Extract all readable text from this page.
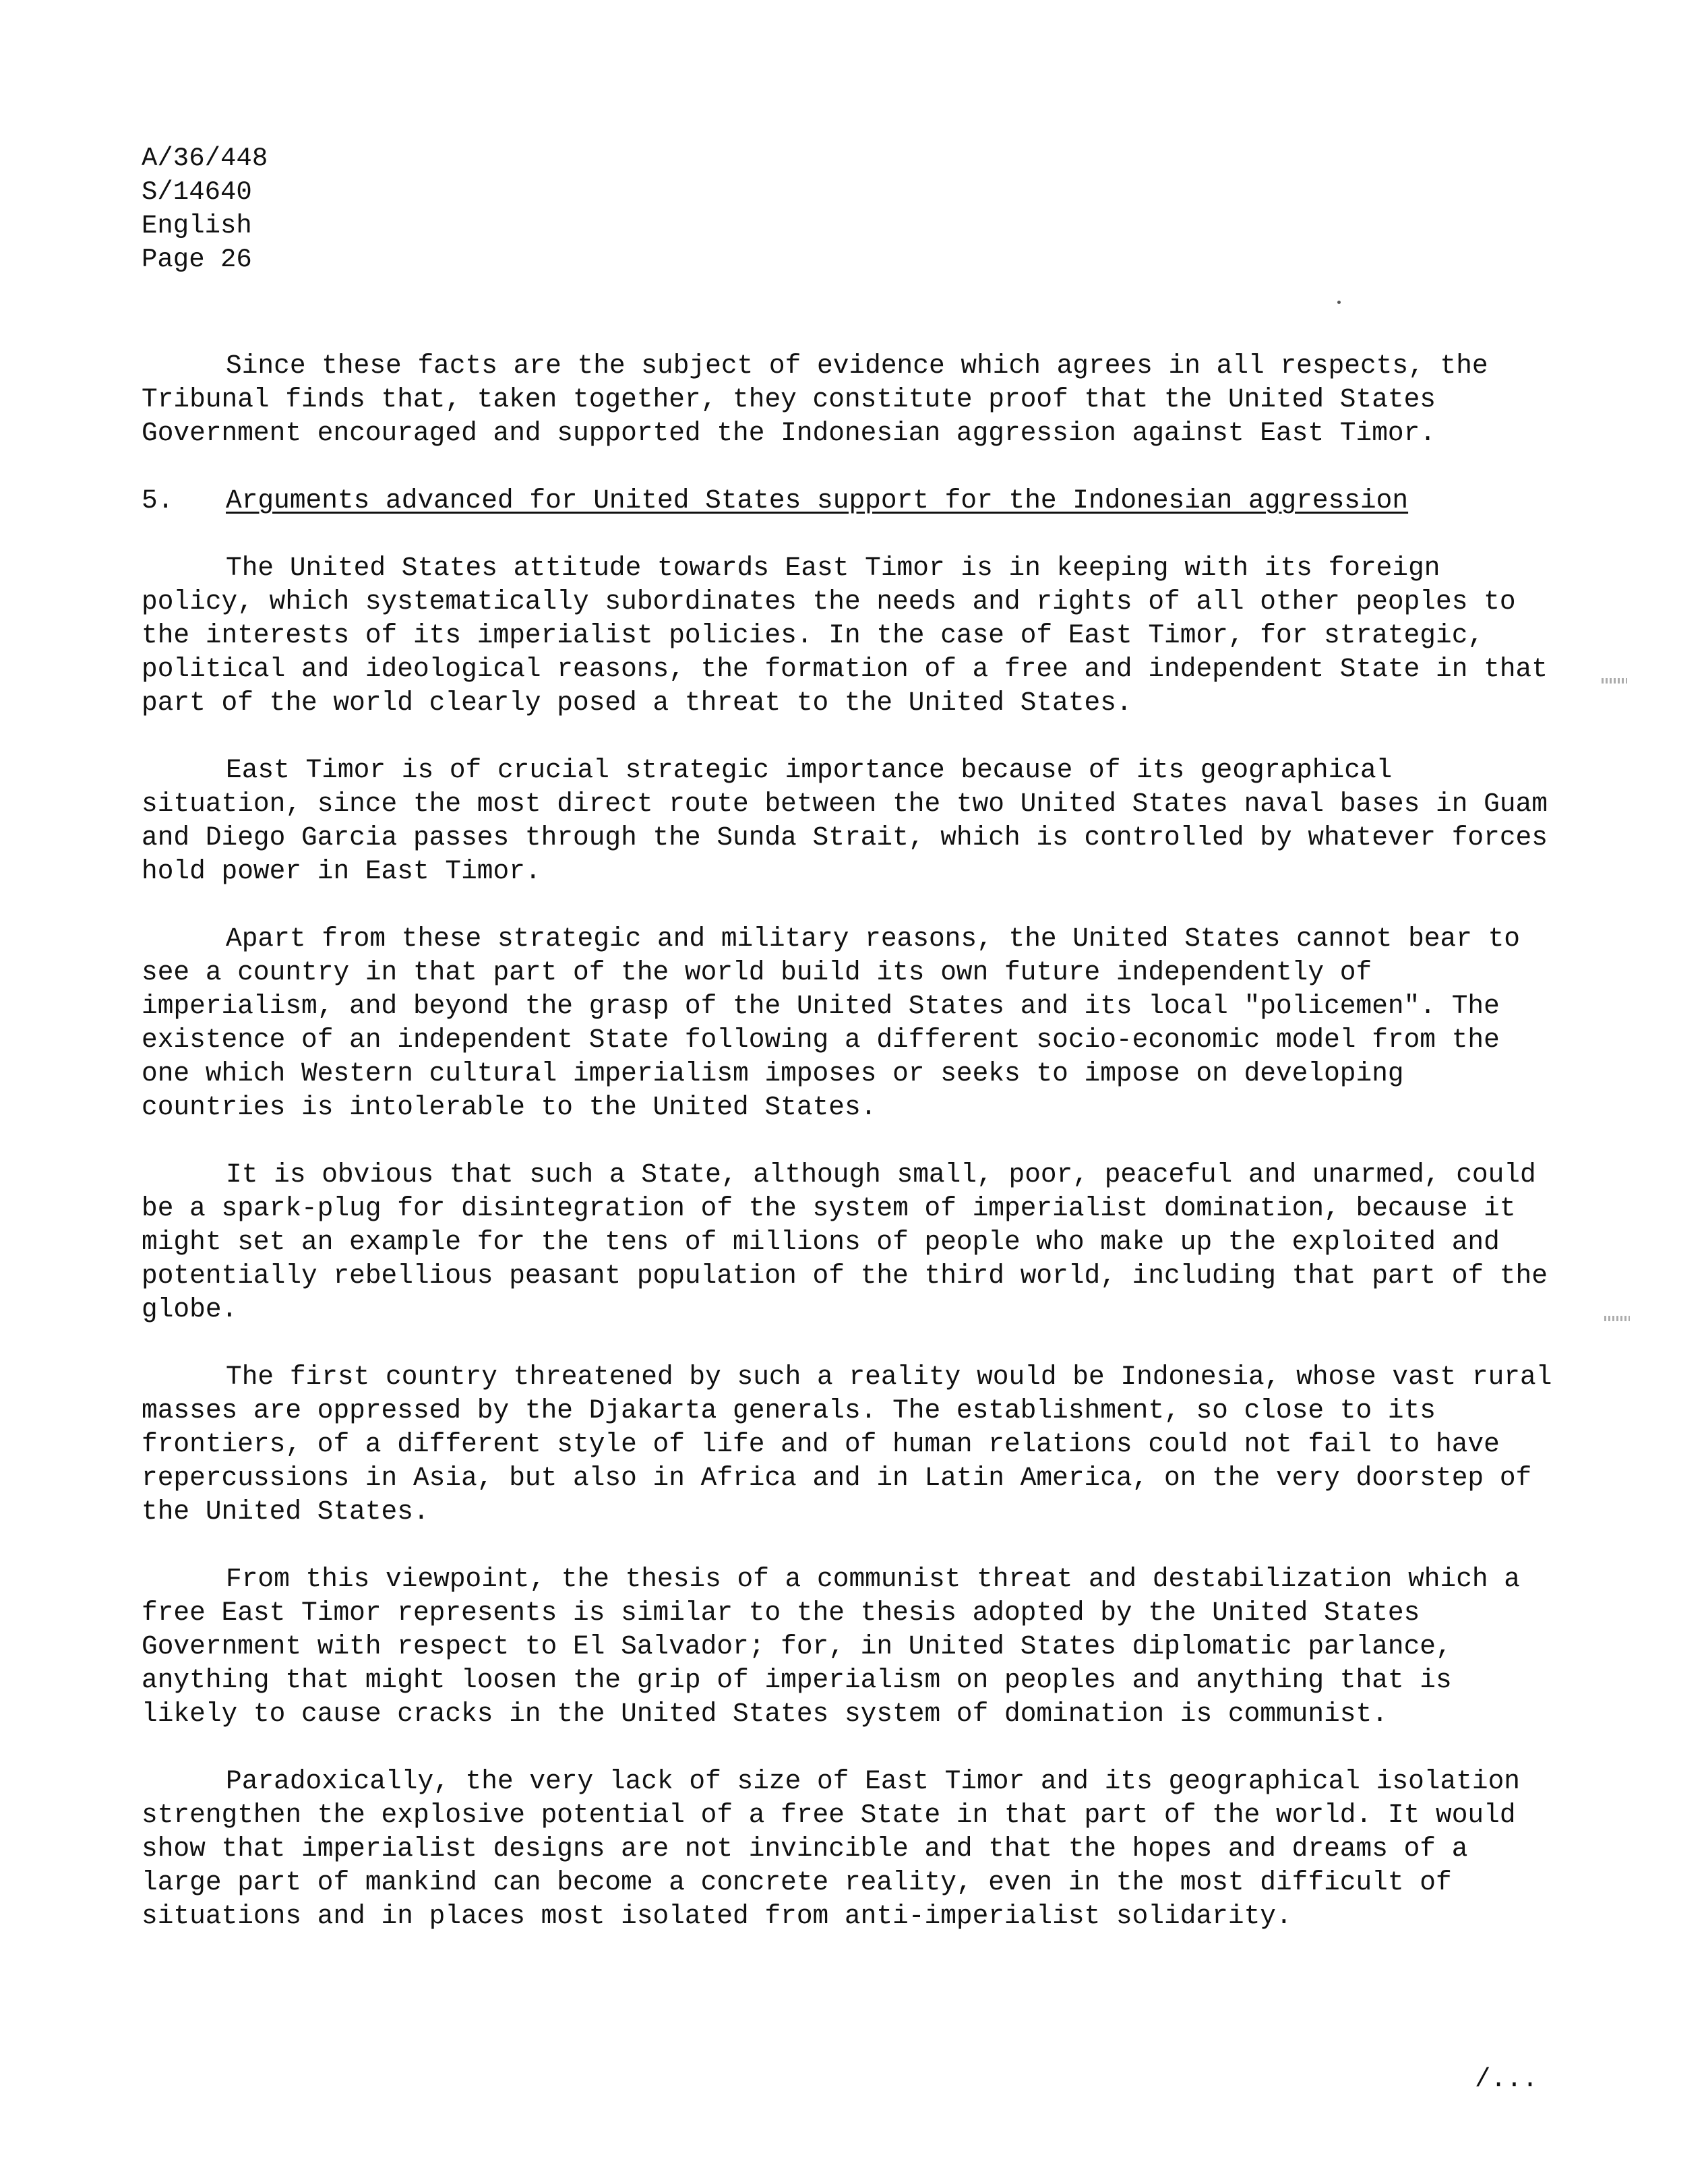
A/36/448
S/14640
English
Page 26

Since these facts are the subject of evidence which agrees in all respects, the Tribunal finds that, taken together, they constitute proof that the United States Government encouraged and supported the Indonesian aggression against East Timor.

5. Arguments advanced for United States support for the Indonesian aggression

The United States attitude towards East Timor is in keeping with its foreign policy, which systematically subordinates the needs and rights of all other peoples to the interests of its imperialist policies. In the case of East Timor, for strategic, political and ideological reasons, the formation of a free and independent State in that part of the world clearly posed a threat to the United States.

East Timor is of crucial strategic importance because of its geographical situation, since the most direct route between the two United States naval bases in Guam and Diego Garcia passes through the Sunda Strait, which is controlled by whatever forces hold power in East Timor.

Apart from these strategic and military reasons, the United States cannot bear to see a country in that part of the world build its own future independently of imperialism, and beyond the grasp of the United States and its local "policemen". The existence of an independent State following a different socio-economic model from the one which Western cultural imperialism imposes or seeks to impose on developing countries is intolerable to the United States.

It is obvious that such a State, although small, poor, peaceful and unarmed, could be a spark-plug for disintegration of the system of imperialist domination, because it might set an example for the tens of millions of people who make up the exploited and potentially rebellious peasant population of the third world, including that part of the globe.

The first country threatened by such a reality would be Indonesia, whose vast rural masses are oppressed by the Djakarta generals. The establishment, so close to its frontiers, of a different style of life and of human relations could not fail to have repercussions in Asia, but also in Africa and in Latin America, on the very doorstep of the United States.

From this viewpoint, the thesis of a communist threat and destabilization which a free East Timor represents is similar to the thesis adopted by the United States Government with respect to El Salvador; for, in United States diplomatic parlance, anything that might loosen the grip of imperialism on peoples and anything that is likely to cause cracks in the United States system of domination is communist.

Paradoxically, the very lack of size of East Timor and its geographical isolation strengthen the explosive potential of a free State in that part of the world. It would show that imperialist designs are not invincible and that the hopes and dreams of a large part of mankind can become a concrete reality, even in the most difficult of situations and in places most isolated from anti-imperialist solidarity.

/...
